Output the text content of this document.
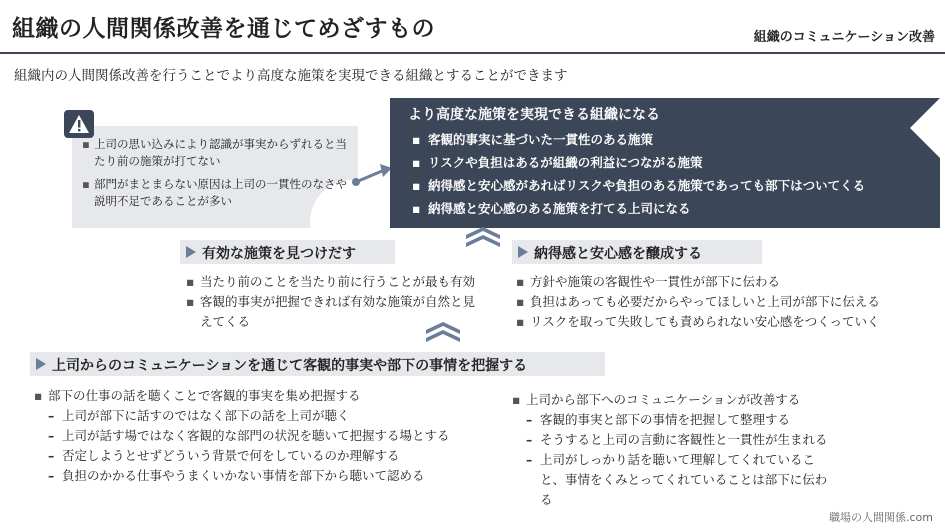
組織の人間関係改善を通じてめざすもの	組織のコミュニケーション改善
組織内の人間関係改善を行うことでより高度な施策を実現できる組織とすることができます
▪ 上司の思い込みにより認識が事実からずれると当たり前の施策が打てない
▪ 部門がまとまらない原因は上司の一貫性のなさや説明不足であることが多い
より高度な施策を実現できる組織になる
▪ 客観的事実に基づいた一貫性のある施策
▪ リスクや負担はあるが組織の利益につながる施策
▪ 納得感と安心感があればリスクや負担のある施策であっても部下はついてくる
▪ 納得感と安心感のある施策を打てる上司になる
有効な施策を見つけだす
▪ 当たり前のことを当たり前に行うことが最も有効
▪ 客観的事実が把握できれば有効な施策が自然と見えてくる
納得感と安心感を醸成する
▪ 方針や施策の客観性や一貫性が部下に伝わる
▪ 負担はあっても必要だからやってほしいと上司が部下に伝える
▪ リスクを取って失敗しても責められない安心感をつくっていく
上司からのコミュニケーションを通じて客観的事実や部下の事情を把握する
▪ 部下の仕事の話を聴くことで客観的事実を集め把握する
– 上司が部下に話すのではなく部下の話を上司が聴く
– 上司が話す場ではなく客観的な部門の状況を聴いて把握する場とする
– 否定しようとせずどういう背景で何をしているのか理解する
– 負担のかかる仕事やうまくいかない事情を部下から聴いて認める
▪ 上司から部下へのコミュニケーションが改善する
– 客観的事実と部下の事情を把握して整理する
– そうすると上司の言動に客観性と一貫性が生まれる
– 上司がしっかり話を聴いて理解してくれていること、事情をくみとってくれていることは部下に伝わる
職場の人間関係.com
